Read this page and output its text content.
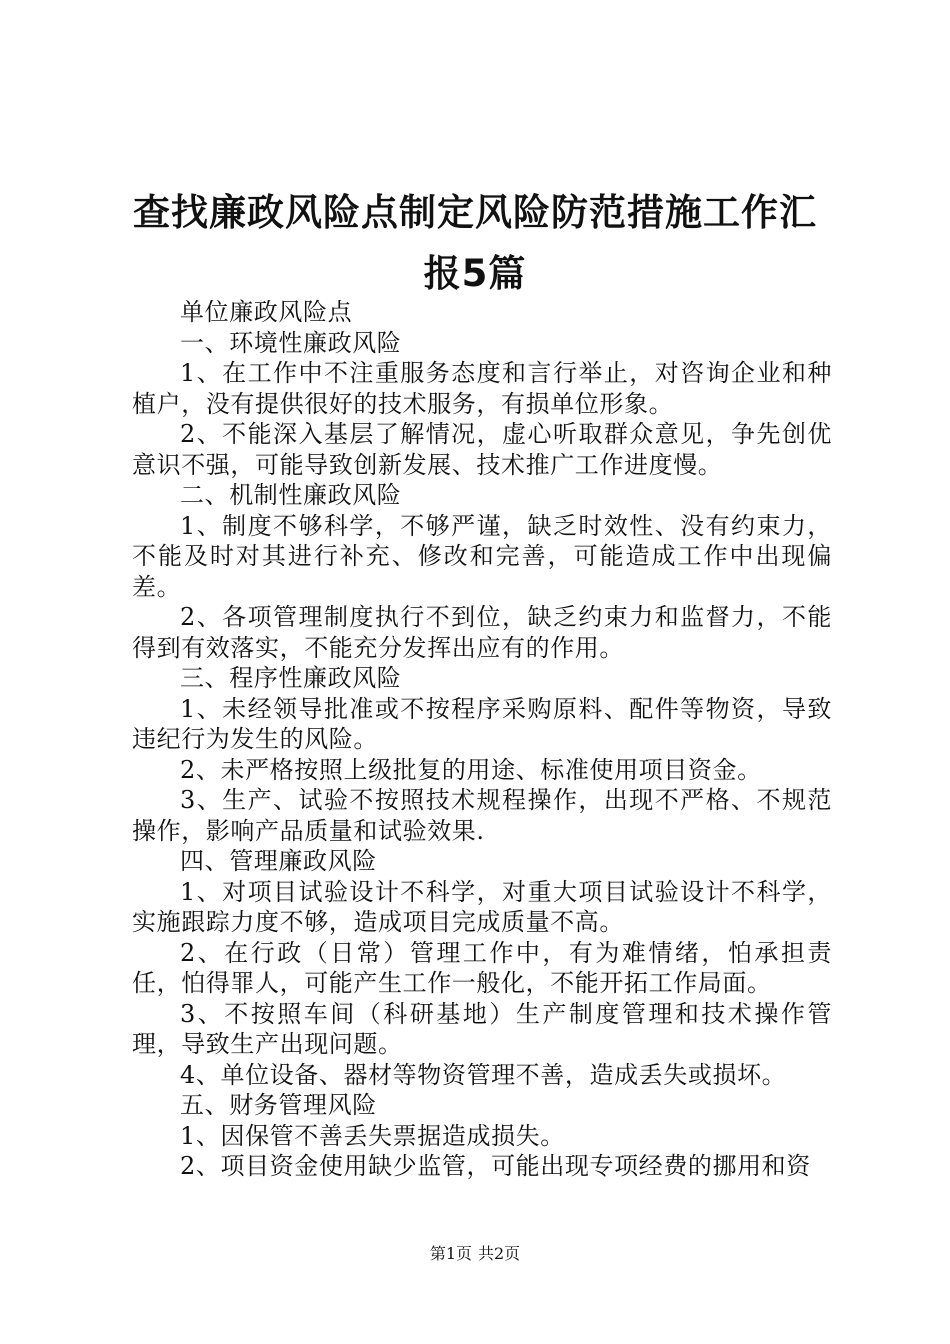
查找廉政风险点制定风险防范措施工作汇报5篇

单位廉政风险点

一、环境性廉政风险

1、在工作中不注重服务态度和言行举止，对咨询企业和种植户，没有提供很好的技术服务，有损单位形象。

2、不能深入基层了解情况，虚心听取群众意见，争先创优意识不强，可能导致创新发展、技术推广工作进度慢。

二、机制性廉政风险

1、制度不够科学，不够严谨，缺乏时效性、没有约束力，不能及时对其进行补充、修改和完善，可能造成工作中出现偏差。

2、各项管理制度执行不到位，缺乏约束力和监督力，不能得到有效落实，不能充分发挥出应有的作用。

三、程序性廉政风险

1、未经领导批准或不按程序采购原料、配件等物资，导致违纪行为发生的风险。

2、未严格按照上级批复的用途、标准使用项目资金。

3、生产、试验不按照技术规程操作，出现不严格、不规范操作，影响产品质量和试验效果.

四、管理廉政风险

1、对项目试验设计不科学，对重大项目试验设计不科学，实施跟踪力度不够，造成项目完成质量不高。

2、在行政（日常）管理工作中，有为难情绪，怕承担责任，怕得罪人，可能产生工作一般化，不能开拓工作局面。

3、不按照车间（科研基地）生产制度管理和技术操作管理，导致生产出现问题。

4、单位设备、器材等物资管理不善，造成丢失或损坏。

五、财务管理风险

1、因保管不善丢失票据造成损失。

2、项目资金使用缺少监管，可能出现专项经费的挪用和资

第1页 共2页
